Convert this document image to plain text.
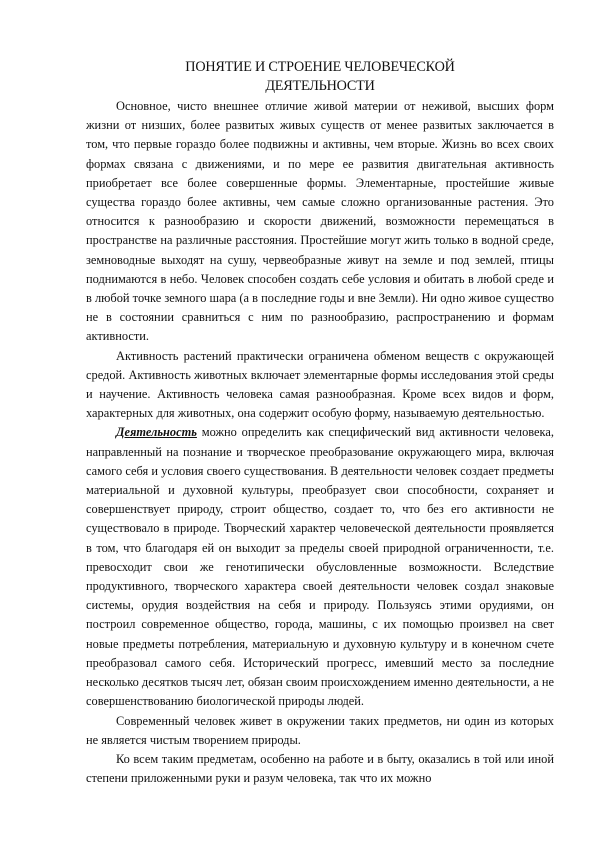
ПОНЯТИЕ И СТРОЕНИЕ ЧЕЛОВЕЧЕСКОЙ
ДЕЯТЕЛЬНОСТИ

Основное, чисто внешнее отличие живой материи от неживой, высших форм жизни от низших, более развитых живых существ от менее развитых заключается в том, что первые гораздо более подвижны и активны, чем вторые. Жизнь во всех своих формах связана с движениями, и по мере ее развития двигательная активность приобретает все более совершенные формы. Элементарные, простейшие живые существа гораздо более активны, чем самые сложно организованные растения. Это относится к разнообразию и скорости движений, возможности перемещаться в пространстве на различные расстояния. Простейшие могут жить только в водной среде, земноводные выходят на сушу, червеобразные живут на земле и под землей, птицы поднимаются в небо. Человек способен создать себе условия и обитать в любой среде и в любой точке земного шара (а в последние годы и вне Земли). Ни одно живое существо не в состоянии сравниться с ним по разнообразию, распространению и формам активности.

Активность растений практически ограничена обменом веществ с окружающей средой. Активность животных включает элементарные формы исследования этой среды и научение. Активность человека самая разнообразная. Кроме всех видов и форм, характерных для животных, она содержит особую форму, называемую деятельностью.

Деятельность можно определить как специфический вид активности человека, направленный на познание и творческое преобразование окружающего мира, включая самого себя и условия своего существования. В деятельности человек создает предметы материальной и духовной культуры, преобразует свои способности, сохраняет и совершенствует природу, строит общество, создает то, что без его активности не существовало в природе. Творческий характер человеческой деятельности проявляется в том, что благодаря ей он выходит за пределы своей природной ограниченности, т.е. превосходит свои же генотипически обусловленные возможности. Вследствие продуктивного, творческого характера своей деятельности человек создал знаковые системы, орудия воздействия на себя и природу. Пользуясь этими орудиями, он построил современное общество, города, машины, с их помощью произвел на свет новые предметы потребления, материальную и духовную культуру и в конечном счете преобразовал самого себя. Исторический прогресс, имевший место за последние несколько десятков тысяч лет, обязан своим происхождением именно деятельности, а не совершенствованию биологической природы людей.

Современный человек живет в окружении таких предметов, ни один из которых не является чистым творением природы.

Ко всем таким предметам, особенно на работе и в быту, оказались в той или иной степени приложенными руки и разум человека, так что их можно
